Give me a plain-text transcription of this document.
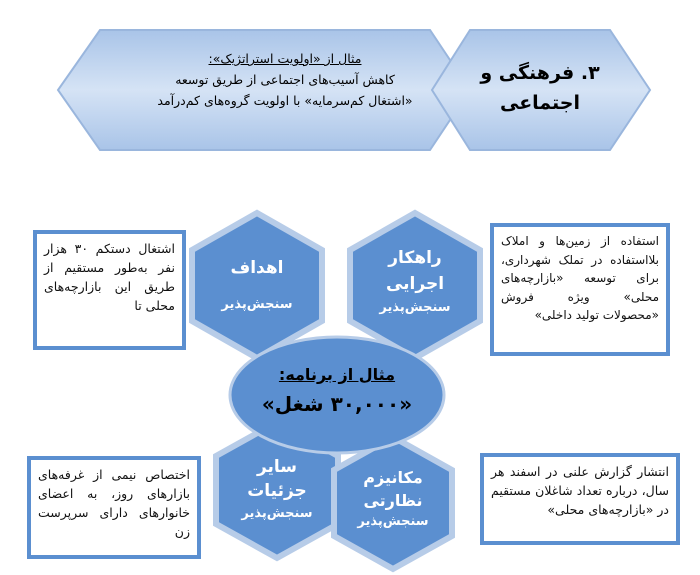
مثال از «اولویت استراتژیک»:
کاهش آسیب‌های اجتماعی از طریق توسعه
«اشتغال کم‌سرمایه» با اولویت گروه‌های کم‌درآمد
۳. فرهنگی و اجتماعی
اهداف
سنجش‌پذیر
راهکار
اجرایی
سنجش‌پذیر
سایر
جزئیات
سنجش‌پذیر
مکانیزم
نظارتی
سنجش‌پذیر
مثال از برنامه:
«۳۰,۰۰۰ شغل»
اشتغال دستکم ۳۰ هزار نفر به‌طور مستقیم از طریق این بازارچه‌های محلی تا
استفاده از زمین‌ها و املاک بلااستفاده در تملک شهرداری، برای توسعه «بازارچه‌های محلی» ویژه فروش «محصولات تولید داخلی»
اختصاص نیمی از غرفه‌های بازارهای روز، به اعضای خانوارهای دارای سرپرست زن
انتشار گزارش علنی در اسفند هر سال، درباره تعداد شاغلان مستقیم در «بازارچه‌های محلی»
